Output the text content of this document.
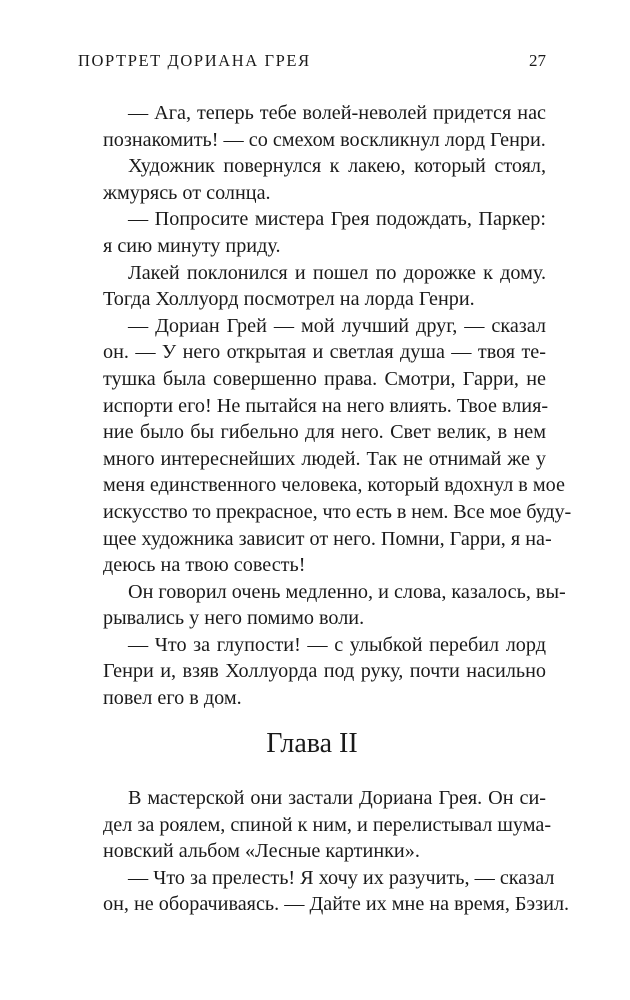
ПОРТРЕТ ДОРИАНА ГРЕЯ	27

— Ага, теперь тебе волей-неволей придется нас
познакомить! — со смехом воскликнул лорд Генри.

Художник повернулся к лакею, который стоял,
жмурясь от солнца.

— Попросите мистера Грея подождать, Паркер:
я сию минуту приду.

Лакей поклонился и пошел по дорожке к дому.
Тогда Холлуорд посмотрел на лорда Генри.

— Дориан Грей — мой лучший друг, — сказал
он. — У него открытая и светлая душа — твоя те-
тушка была совершенно права. Смотри, Гарри, не
испорти его! Не пытайся на него влиять. Твое влия-
ние было бы гибельно для него. Свет велик, в нем
много интереснейших людей. Так не отнимай же у
меня единственного человека, который вдохнул в мое
искусство то прекрасное, что есть в нем. Все мое буду-
щее художника зависит от него. Помни, Гарри, я на-
деюсь на твою совесть!

Он говорил очень медленно, и слова, казалось, вы-
рывались у него помимо воли.

— Что за глупости! — с улыбкой перебил лорд
Генри и, взяв Холлуорда под руку, почти насильно
повел его в дом.

Глава II

В мастерской они застали Дориана Грея. Он си-
дел за роялем, спиной к ним, и перелистывал шума-
новский альбом «Лесные картинки».

— Что за прелесть! Я хочу их разучить, — сказал
он, не оборачиваясь. — Дайте их мне на время, Бэзил.
